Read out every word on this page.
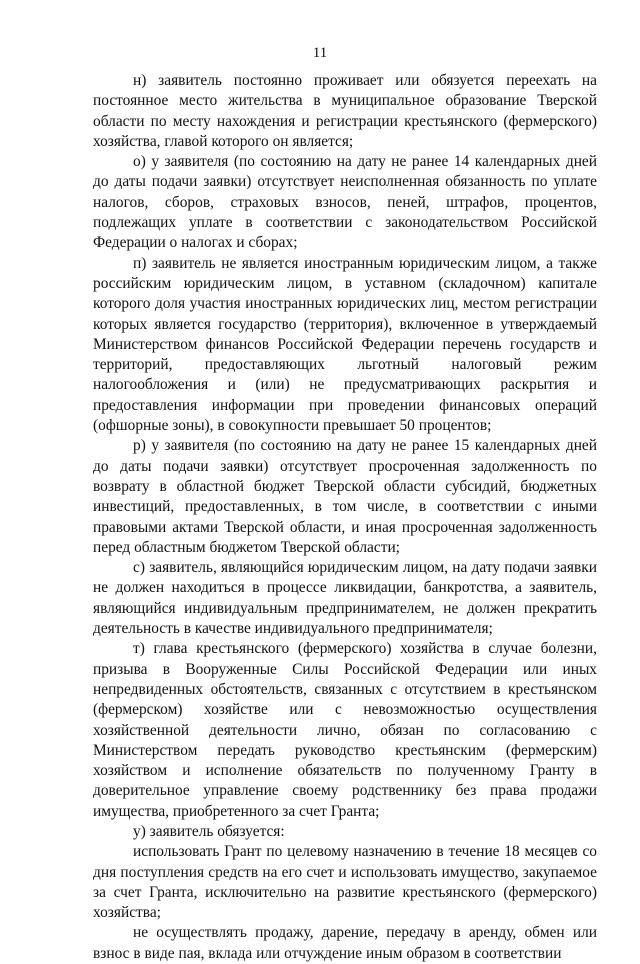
11

н) заявитель постоянно проживает или обязуется переехать на постоянное место жительства в муниципальное образование Тверской области по месту нахождения и регистрации крестьянского (фермерского) хозяйства, главой которого он является;

о) у заявителя (по состоянию на дату не ранее 14 календарных дней до даты подачи заявки) отсутствует неисполненная обязанность по уплате налогов, сборов, страховых взносов, пеней, штрафов, процентов, подлежащих уплате в соответствии с законодательством Российской Федерации о налогах и сборах;

п) заявитель не является иностранным юридическим лицом, а также российским юридическим лицом, в уставном (складочном) капитале которого доля участия иностранных юридических лиц, местом регистрации которых является государство (территория), включенное в утверждаемый Министерством финансов Российской Федерации перечень государств и территорий, предоставляющих льготный налоговый режим налогообложения и (или) не предусматривающих раскрытия и предоставления информации при проведении финансовых операций (офшорные зоны), в совокупности превышает 50 процентов;

р) у заявителя (по состоянию на дату не ранее 15 календарных дней до даты подачи заявки) отсутствует просроченная задолженность по возврату в областной бюджет Тверской области субсидий, бюджетных инвестиций, предоставленных, в том числе, в соответствии с иными правовыми актами Тверской области, и иная просроченная задолженность перед областным бюджетом Тверской области;

с) заявитель, являющийся юридическим лицом, на дату подачи заявки не должен находиться в процессе ликвидации, банкротства, а заявитель, являющийся индивидуальным предпринимателем, не должен прекратить деятельность в качестве индивидуального предпринимателя;

т) глава крестьянского (фермерского) хозяйства в случае болезни, призыва в Вооруженные Силы Российской Федерации или иных непредвиденных обстоятельств, связанных с отсутствием в крестьянском (фермерском) хозяйстве или с невозможностью осуществления хозяйственной деятельности лично, обязан по согласованию с Министерством передать руководство крестьянским (фермерским) хозяйством и исполнение обязательств по полученному Гранту в доверительное управление своему родственнику без права продажи имущества, приобретенного за счет Гранта;

у) заявитель обязуется:

использовать Грант по целевому назначению в течение 18 месяцев со дня поступления средств на его счет и использовать имущество, закупаемое за счет Гранта, исключительно на развитие крестьянского (фермерского) хозяйства;

не осуществлять продажу, дарение, передачу в аренду, обмен или взнос в виде пая, вклада или отчуждение иным образом в соответствии
